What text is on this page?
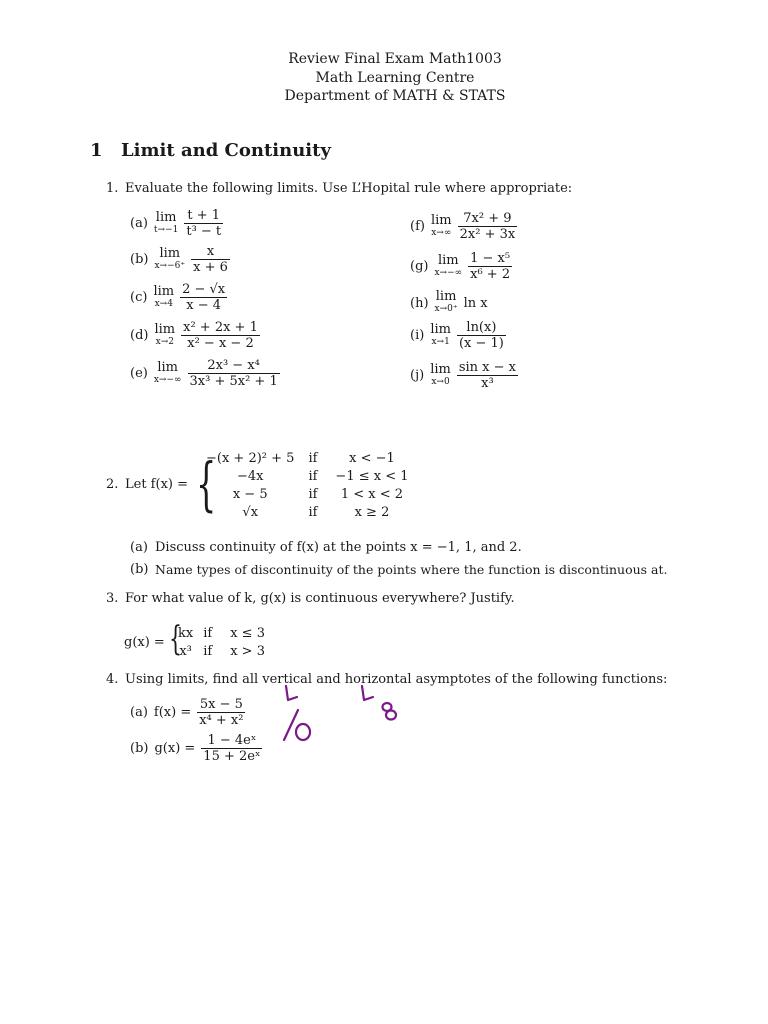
Review Final Exam Math1003
Math Learning Centre
Department of MATH & STATS
1 Limit and Continuity
1. Evaluate the following limits. Use L’Hopital rule where appropriate:
(a) lim
$t\to-1 \frac{t + 1}{\text{t³ − t}}$
(b) lim
$x\to-6^+ \frac{x}{x + 6}$
(c) lim
$x\to 4 \frac{2 - √x}{x - 4}$
(d) lim
$x\to 2 \frac{\text{x² + 2x + 1}}{\text{x² − x − 2}}$
(e) lim
$x\to-\infty \frac{\text{2x³ − x⁴}}{\text{3x³ + 5x² + 1}}$
(f) lim
$x\to\infty \frac{\text{7x² + 9}}{\text{2x² + 3x}}$
(g) lim
$x\to-\infty \frac{\text{1 − x⁵}}{\text{x⁶ + 2}}$
(h) lim
x→0⁺ ln x
(i) lim
$x\to 1 \frac{\ln(x)}{(x - 1)}$
(j) lim
$x\to 0 \frac{\text{sin x − x}}{\text{x³}}$
2. Let f(x) = {
−(x + 2)² + 5	if	x < −1
−4x	if	−1 ≤ x < 1
x − 5	if	1 < x < 2
√x	if	x ≥ 2
(a) Discuss continuity of f(x) at the points x = −1, 1, and 2.
(b) Name types of discontinuity of the points where the function is discontinuous at.
3. For what value of k, g(x) is continuous everywhere? Justify.
g(x) = {
kx	if	x ≤ 3
x³	if	x > 3
4. Using limits, find all vertical and horizontal asymptotes of the following functions:
(a) $f(x) = \frac{5x - 5}{\text{x⁴ + x²}}$
(b) $g(x) = \frac{\text{1 − 4eˣ}}{\text{15 + 2eˣ}}$
